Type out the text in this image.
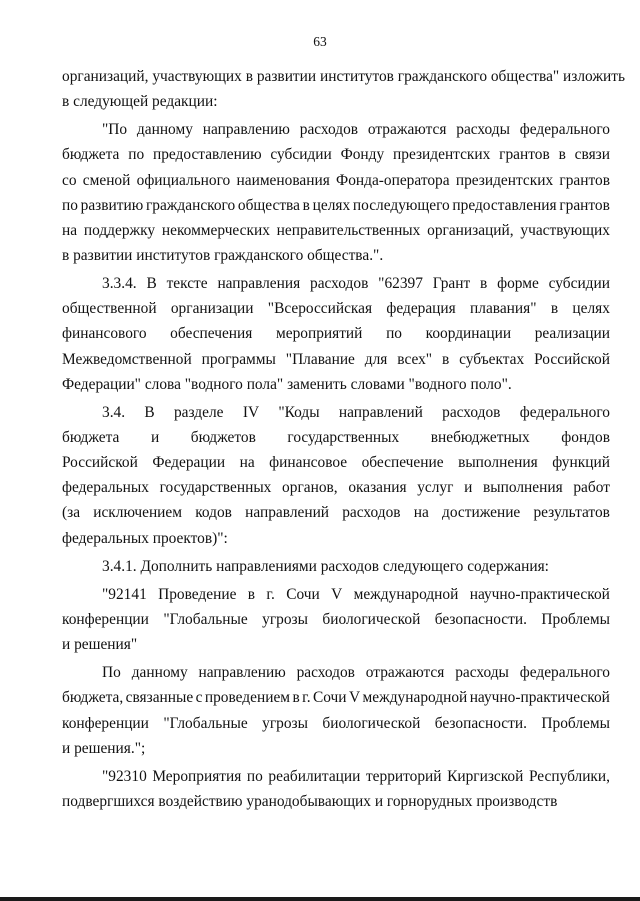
63
организаций, участвующих в развитии институтов гражданского общества" изложить
в следующей редакции:
"По данному направлению расходов отражаются расходы федерального
бюджета по предоставлению субсидии Фонду президентских грантов в связи
со сменой официального наименования Фонда-оператора президентских грантов
по развитию гражданского общества в целях последующего предоставления грантов
на поддержку некоммерческих неправительственных организаций, участвующих
в развитии институтов гражданского общества.".
3.3.4. В тексте направления расходов "62397 Грант в форме субсидии
общественной организации "Всероссийская федерация плавания" в целях
финансового обеспечения мероприятий по координации реализации
Межведомственной программы "Плавание для всех" в субъектах Российской
Федерации" слова "водного пола" заменить словами "водного поло".
3.4. В разделе IV "Коды направлений расходов федерального
бюджета и бюджетов государственных внебюджетных фондов
Российской Федерации на финансовое обеспечение выполнения функций
федеральных государственных органов, оказания услуг и выполнения работ
(за исключением кодов направлений расходов на достижение результатов
федеральных проектов)":
3.4.1. Дополнить направлениями расходов следующего содержания:
"92141 Проведение в г. Сочи V международной научно-практической
конференции "Глобальные угрозы биологической безопасности. Проблемы
и решения"
По данному направлению расходов отражаются расходы федерального
бюджета, связанные с проведением в г. Сочи V международной научно-практической
конференции "Глобальные угрозы биологической безопасности. Проблемы
и решения.";
"92310 Мероприятия по реабилитации территорий Киргизской Республики,
подвергшихся воздействию уранодобывающих и горнорудных производств
